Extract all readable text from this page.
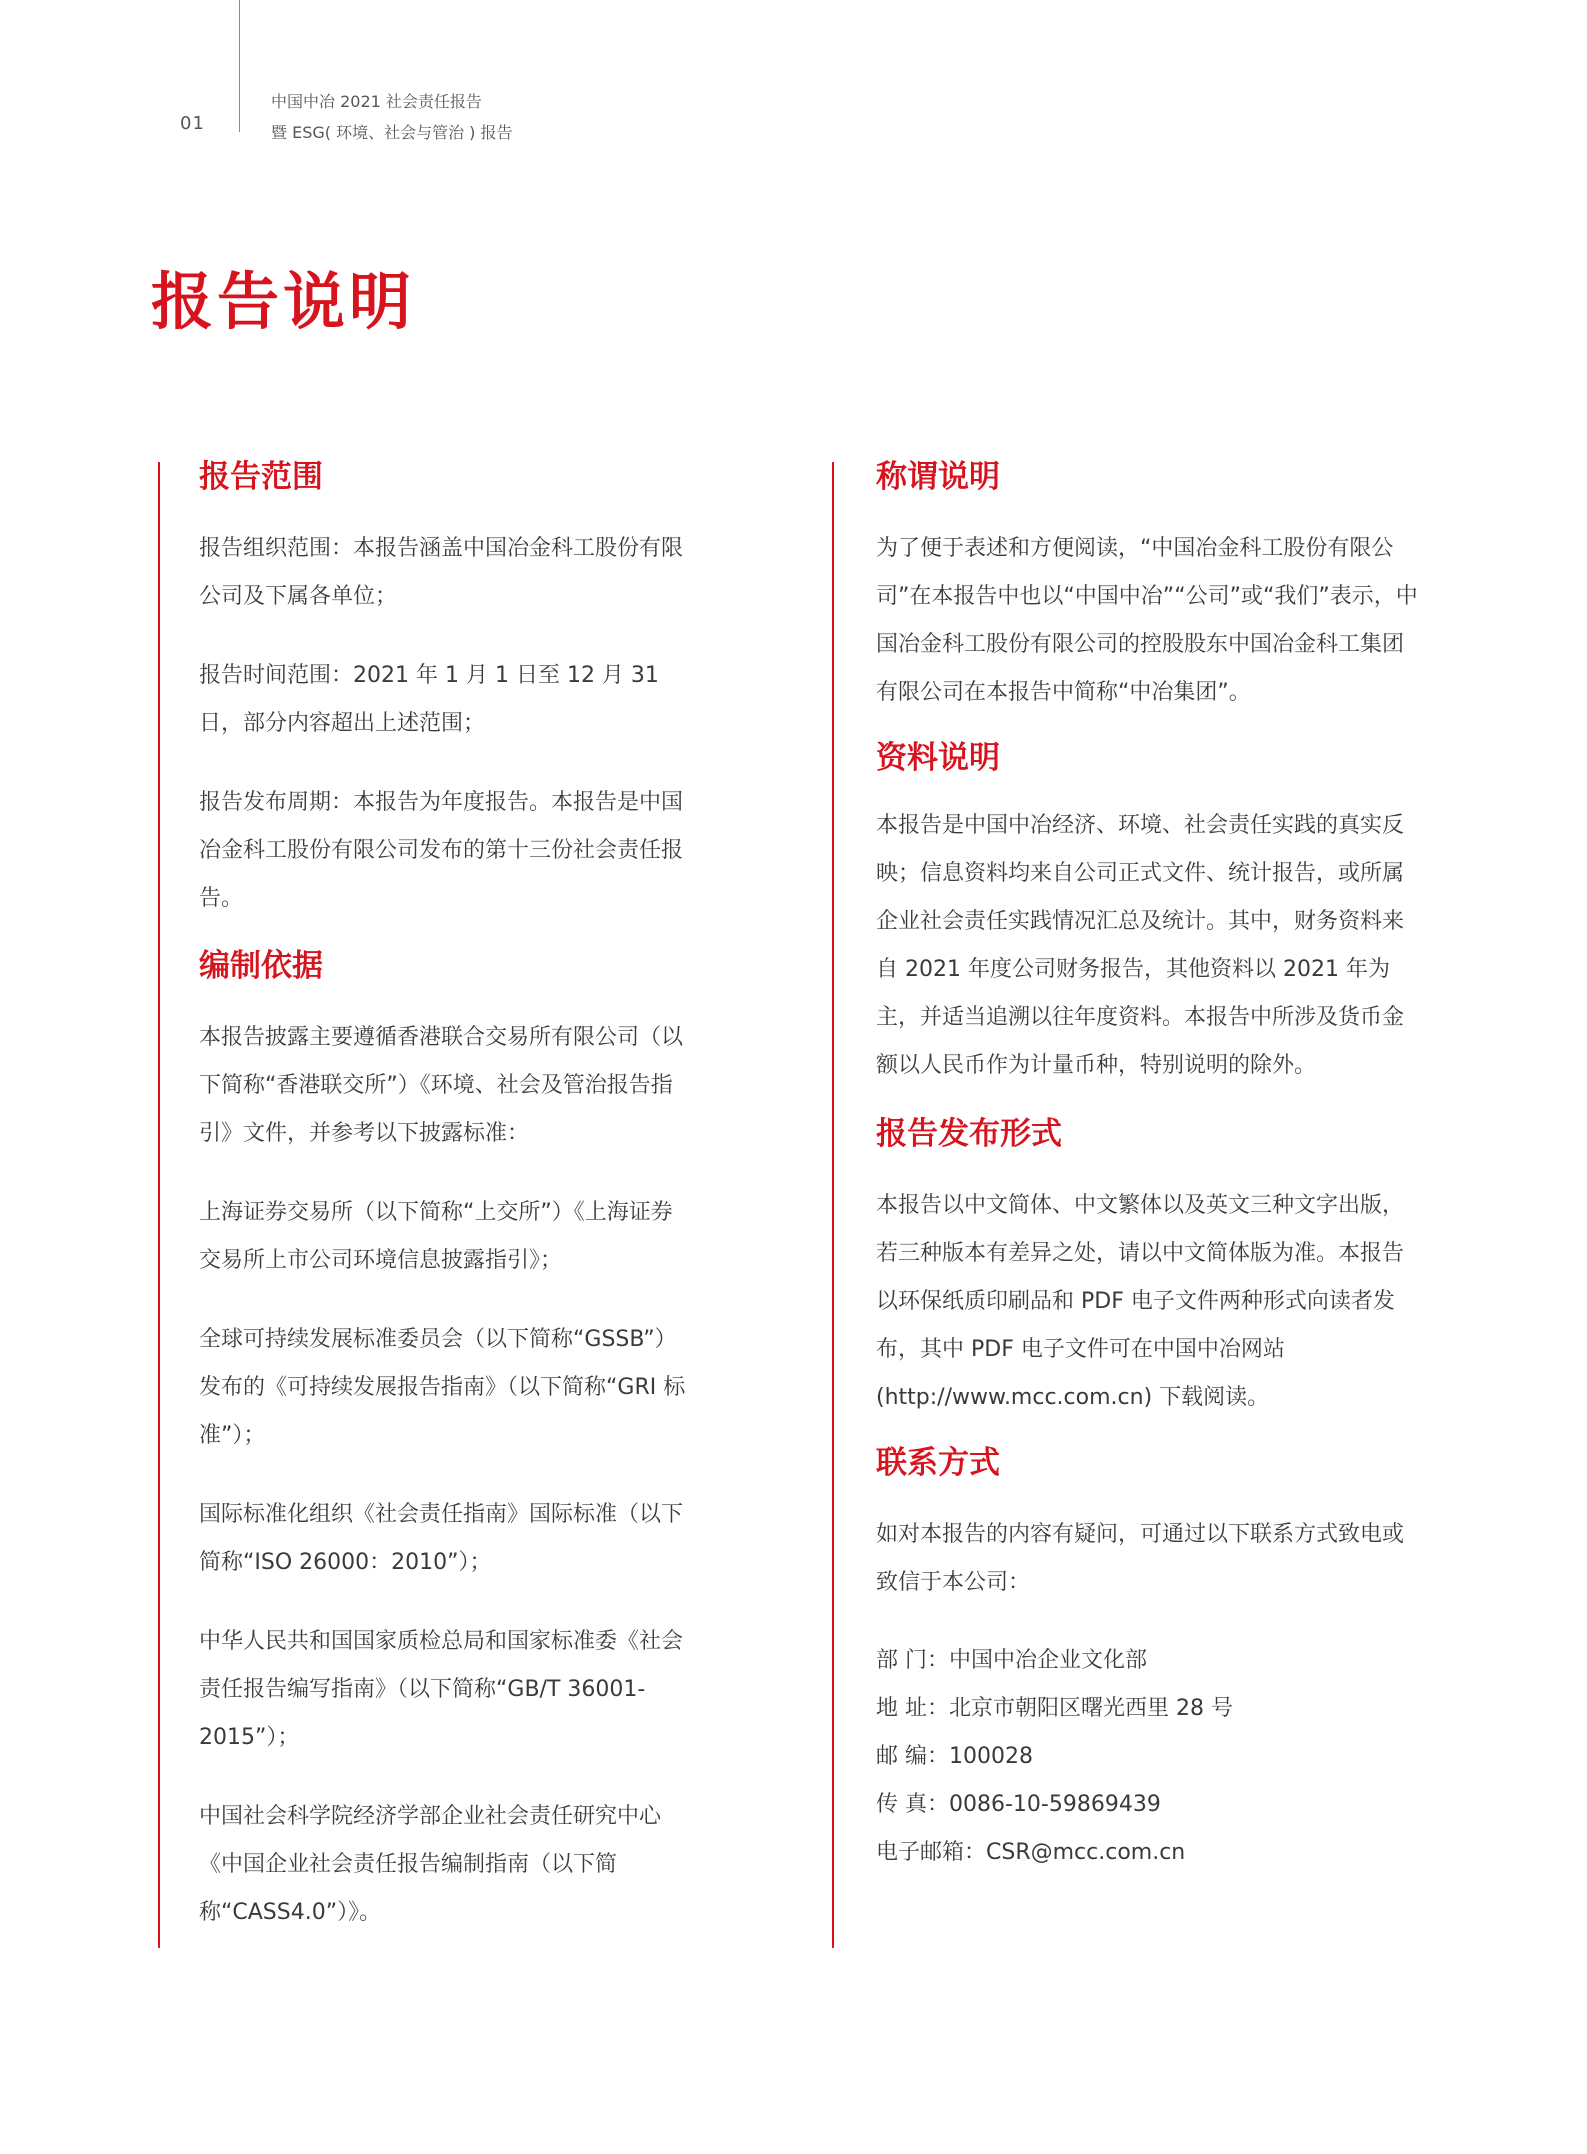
01
中国中冶 2021 社会责任报告
暨 ESG( 环境、社会与管治 ) 报告
报告说明
报告范围

报告组织范围：本报告涵盖中国冶金科工股份有限公司及下属各单位；

报告时间范围：2021 年 1 月 1 日至 12 月 31 日，部分内容超出上述范围；

报告发布周期：本报告为年度报告。本报告是中国冶金科工股份有限公司发布的第十三份社会责任报告。

编制依据

本报告披露主要遵循香港联合交易所有限公司（以下简称“香港联交所”）《环境、社会及管治报告指引》文件，并参考以下披露标准：

上海证券交易所（以下简称“上交所”）《上海证券交易所上市公司环境信息披露指引》；

全球可持续发展标准委员会（以下简称“GSSB”）发布的《可持续发展报告指南》（以下简称“GRI 标准”）；

国际标准化组织《社会责任指南》国际标准（以下简称“ISO 26000：2010”）；

中华人民共和国国家质检总局和国家标准委《社会责任报告编写指南》（以下简称“GB/T 36001-2015”）；

中国社会科学院经济学部企业社会责任研究中心《中国企业社会责任报告编制指南（以下简称“CASS4.0”）》。

称谓说明

为了便于表述和方便阅读，“中国冶金科工股份有限公司”在本报告中也以“中国中冶”“公司”或“我们”表示，中国冶金科工股份有限公司的控股股东中国冶金科工集团有限公司在本报告中简称“中冶集团”。

资料说明

本报告是中国中冶经济、环境、社会责任实践的真实反映；信息资料均来自公司正式文件、统计报告，或所属企业社会责任实践情况汇总及统计。其中，财务资料来自 2021 年度公司财务报告，其他资料以 2021 年为主，并适当追溯以往年度资料。本报告中所涉及货币金额以人民币作为计量币种，特别说明的除外。

报告发布形式

本报告以中文简体、中文繁体以及英文三种文字出版，若三种版本有差异之处，请以中文简体版为准。本报告以环保纸质印刷品和 PDF 电子文件两种形式向读者发布，其中 PDF 电子文件可在中国中冶网站 (http://www.mcc.com.cn) 下载阅读。

联系方式

如对本报告的内容有疑问，可通过以下联系方式致电或致信于本公司：

部 门：中国中冶企业文化部
地 址：北京市朝阳区曙光西里 28 号
邮 编：100028
传 真：0086-10-59869439
电子邮箱：CSR@mcc.com.cn
